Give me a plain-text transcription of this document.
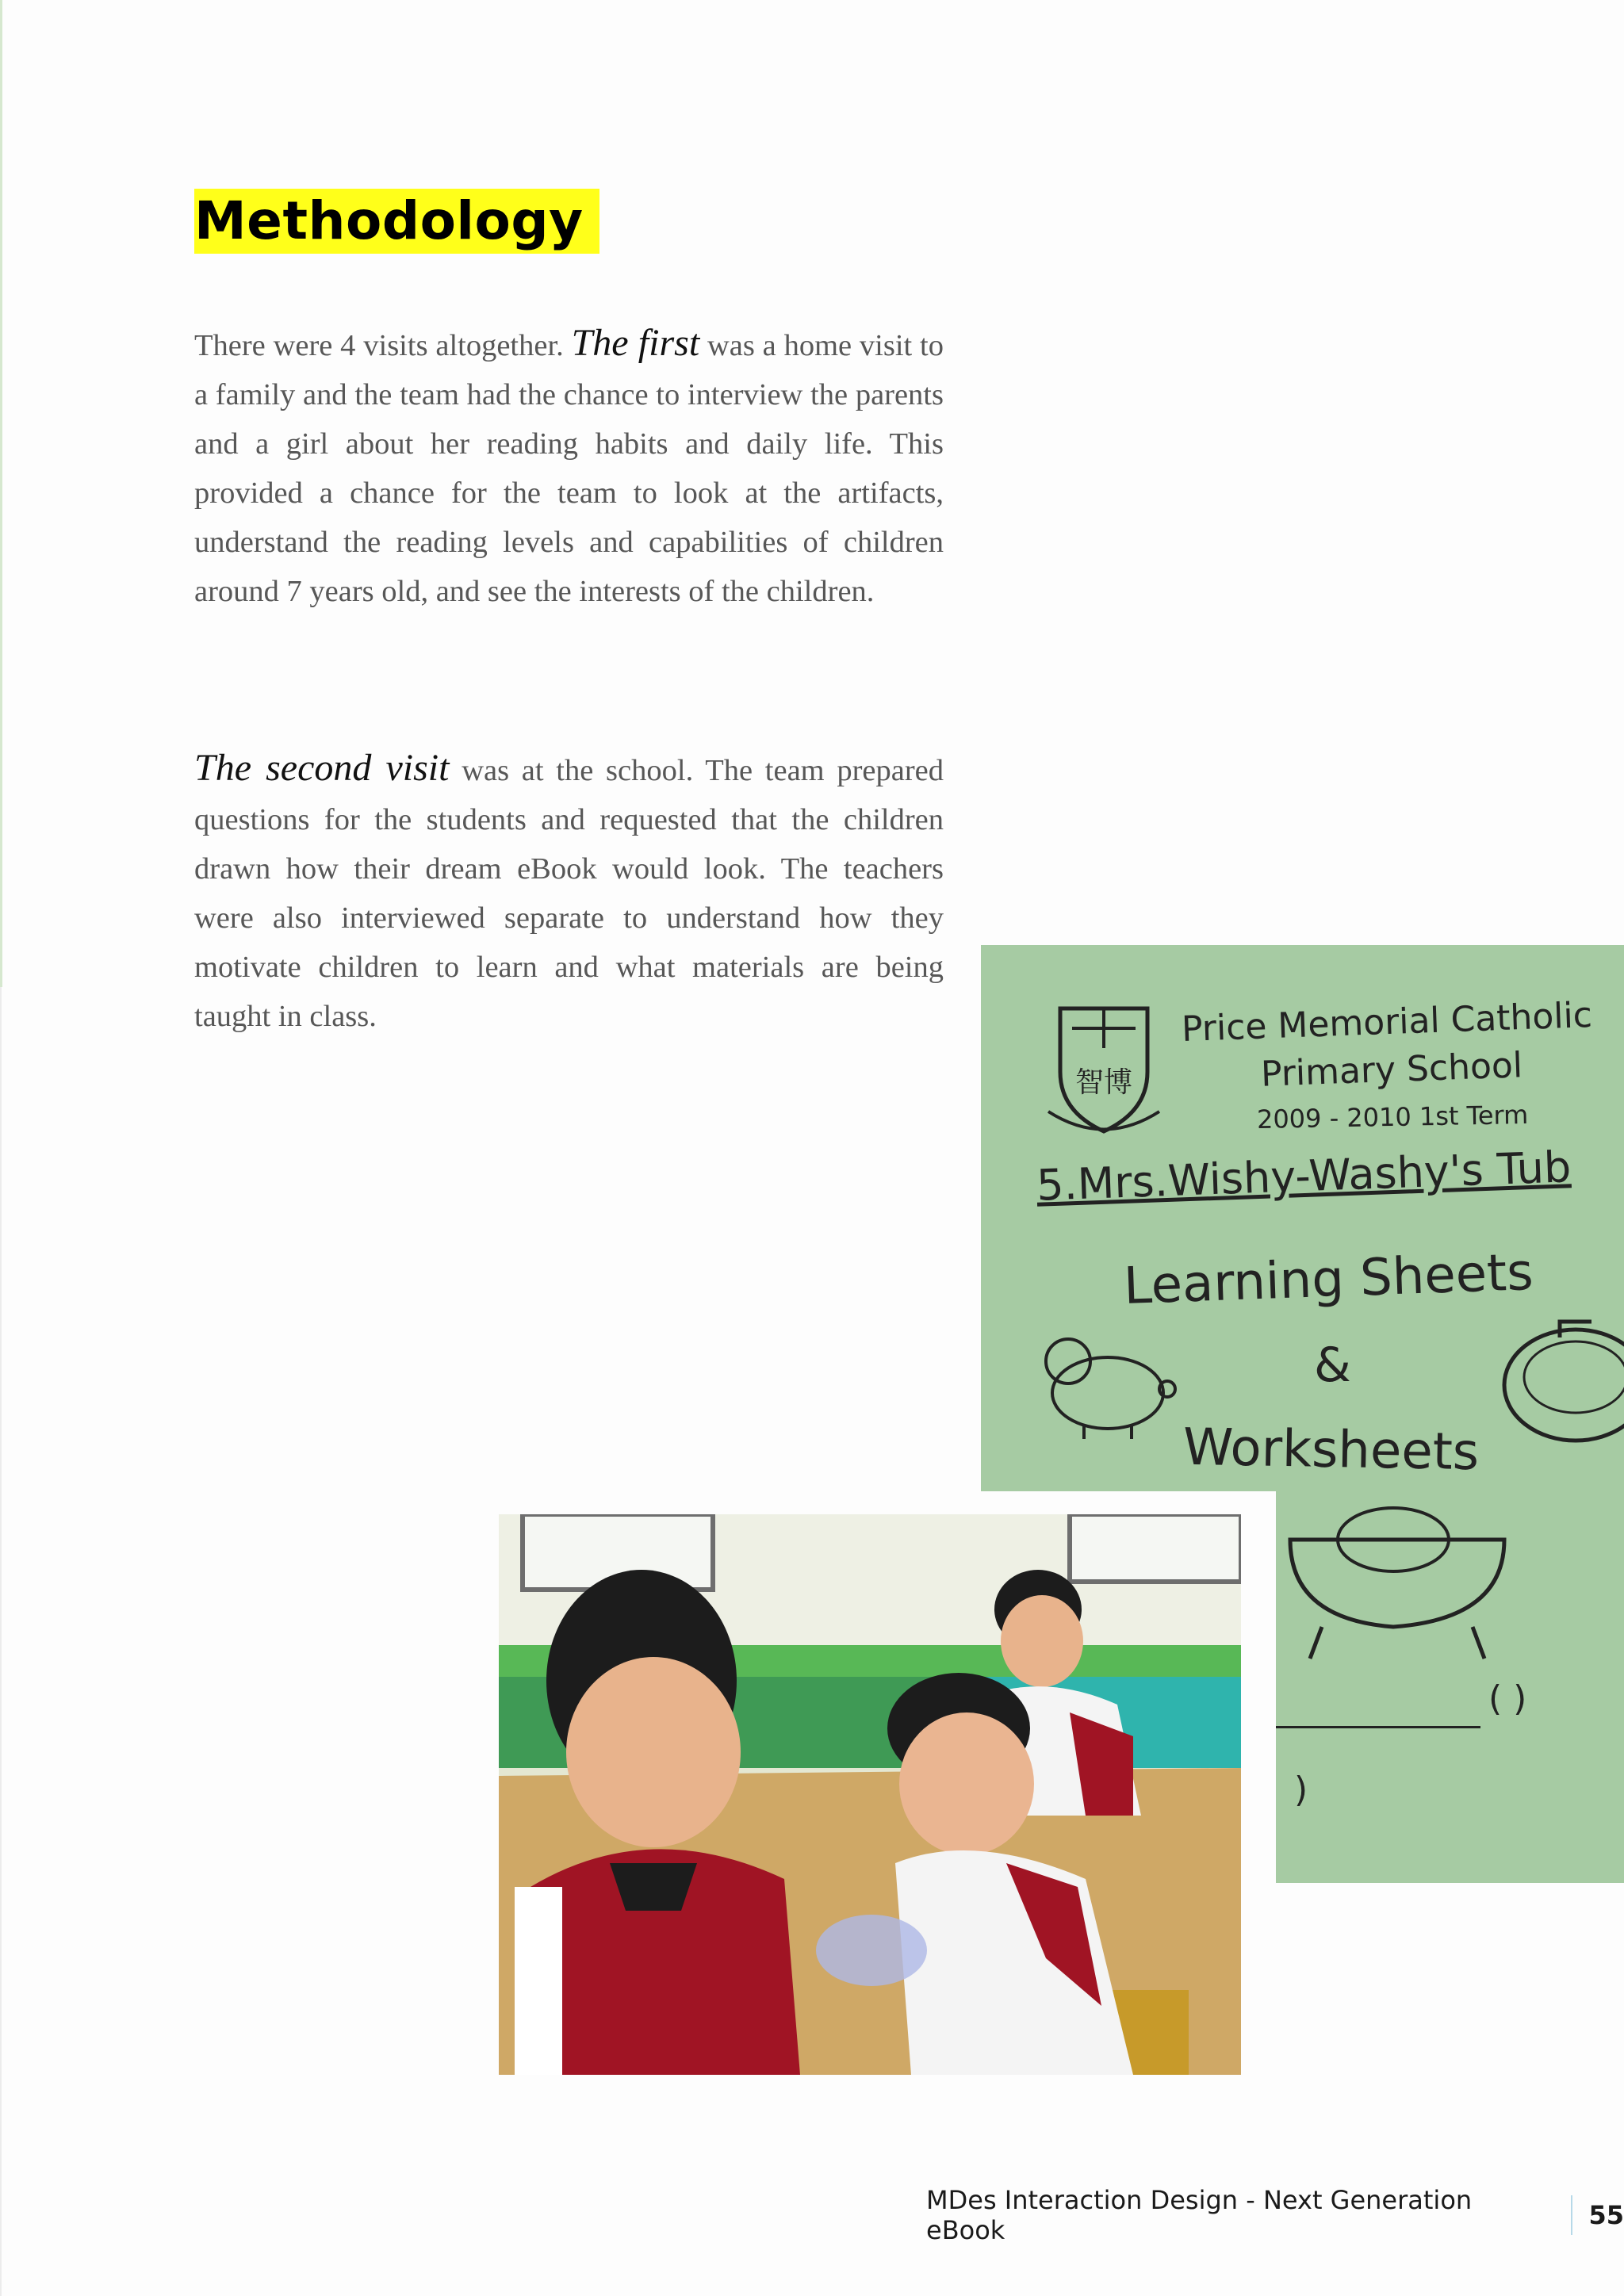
Methodology

There were 4 visits altogether. The first was a home visit to a family and the team had the chance to interview the parents and a girl about her reading habits and daily life. This provided a chance for the team to look at the artifacts, understand the reading levels and capabilities of children around 7 years old, and see the interests of the children.

The second visit was at the school. The team prepared questions for the students and requested that the children drawn how their dream eBook would look. The teachers were also interviewed separate to understand how they motivate children to learn and what materials are being taught in class.

智博
Price Memorial Catholic
Primary School
2009 - 2010 1st Term
5.Mrs.Wishy-Washy's Tub
Learning Sheets
&
Worksheets
( )
)
MDes Interaction Design - Next Generation eBook	55
